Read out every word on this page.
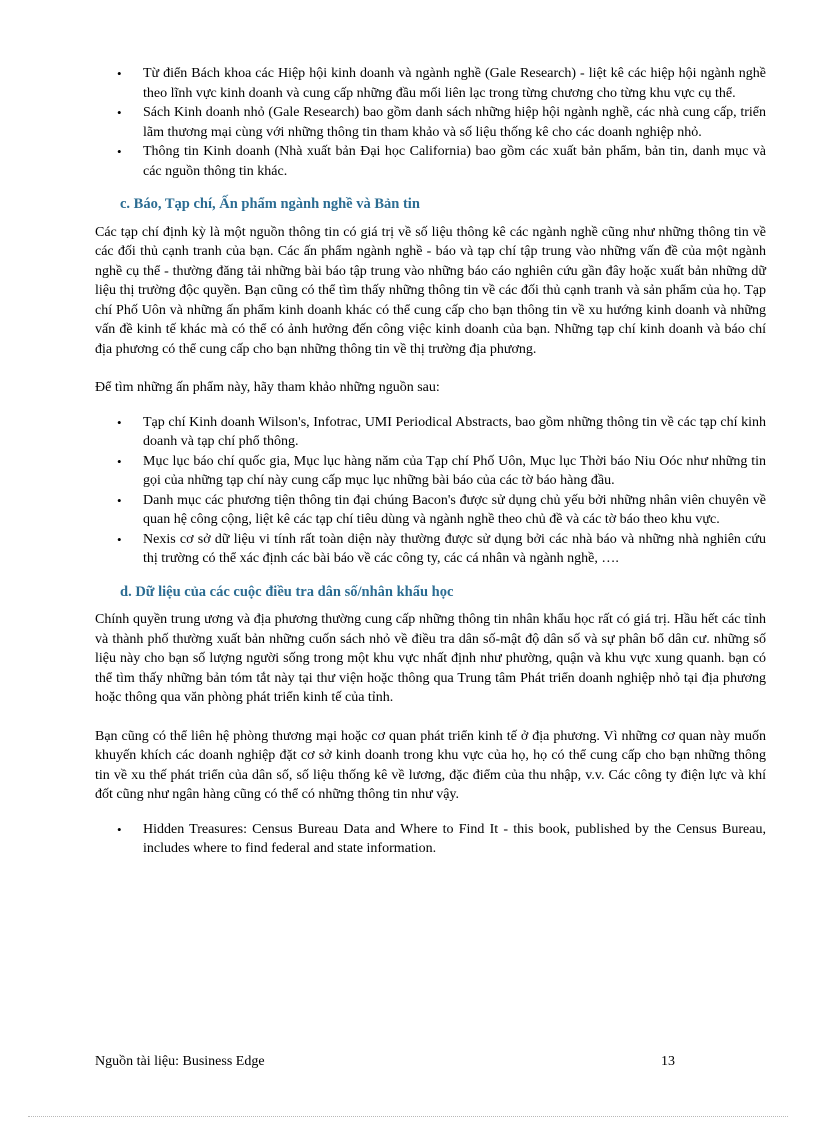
• Từ điển Bách khoa các Hiệp hội kinh doanh và ngành nghề (Gale Research) - liệt kê các hiệp hội ngành nghề theo lĩnh vực kinh doanh và cung cấp những đầu mối liên lạc trong từng chương cho từng khu vực cụ thể.
• Sách Kinh doanh nhỏ (Gale Research) bao gồm danh sách những hiệp hội ngành nghề, các nhà cung cấp, triển lãm thương mại cùng với những thông tin tham khảo và số liệu thống kê cho các doanh nghiệp nhỏ.
• Thông tin Kinh doanh (Nhà xuất bản Đại học California) bao gồm các xuất bản phẩm, bản tin, danh mục và các nguồn thông tin khác.
c. Báo, Tạp chí, Ấn phẩm ngành nghề và Bản tin

Các tạp chí định kỳ là một nguồn thông tin có giá trị về số liệu thông kê các ngành nghề cũng như những thông tin về các đối thủ cạnh tranh của bạn. Các ấn phẩm ngành nghề - báo và tạp chí tập trung vào những vấn đề của một ngành nghề cụ thể - thường đăng tải những bài báo tập trung vào những báo cáo nghiên cứu gần đây hoặc xuất bản những dữ liệu thị trường độc quyền. Bạn cũng có thể tìm thấy những thông tin về các đối thủ cạnh tranh và sản phẩm của họ. Tạp chí Phố Uôn và những ấn phẩm kinh doanh khác có thể cung cấp cho bạn thông tin về xu hướng kinh doanh và những vấn đề kinh tế khác mà có thể có ảnh hưởng đến công việc kinh doanh của bạn. Những tạp chí kinh doanh và báo chí địa phương có thể cung cấp cho bạn những thông tin về thị trường địa phương.

Để tìm những ấn phẩm này, hãy tham khảo những nguồn sau:

• Tạp chí Kinh doanh Wilson's, Infotrac, UMI Periodical Abstracts, bao gồm những thông tin về các tạp chí kinh doanh và tạp chí phổ thông.
• Mục lục báo chí quốc gia, Mục lục hàng năm của Tạp chí Phố Uôn, Mục lục Thời báo Niu Oóc như những tin gọi của những tạp chí này cung cấp mục lục những bài báo của các tờ báo hàng đầu.
• Danh mục các phương tiện thông tin đại chúng Bacon's được sử dụng chủ yếu bởi những nhân viên chuyên về quan hệ công cộng, liệt kê các tạp chí tiêu dùng và ngành nghề theo chủ đề và các tờ báo theo khu vực.
• Nexis cơ sở dữ liệu vi tính rất toàn diện này thường được sử dụng bởi các nhà báo và những nhà nghiên cứu thị trường có thể xác định các bài báo về các công ty, các cá nhân và ngành nghề, ….
d. Dữ liệu của các cuộc điều tra dân số/nhân khẩu học

Chính quyền trung ương và địa phương thường cung cấp những thông tin nhân khẩu học rất có giá trị. Hầu hết các tỉnh và thành phố thường xuất bản những cuốn sách nhỏ về điều tra dân số-mật độ dân số và sự phân bổ dân cư. những số liệu này cho bạn số lượng người sống trong một khu vực nhất định như phường, quận và khu vực xung quanh. bạn có thể tìm thấy những bản tóm tắt này tại thư viện hoặc thông qua Trung tâm Phát triển doanh nghiệp nhỏ tại địa phương hoặc thông qua văn phòng phát triển kinh tế của tỉnh.

Bạn cũng có thể liên hệ phòng thương mại hoặc cơ quan phát triển kinh tế ở địa phương. Vì những cơ quan này muốn khuyến khích các doanh nghiệp đặt cơ sở kinh doanh trong khu vực của họ, họ có thể cung cấp cho bạn những thông tin về xu thế phát triển của dân số, số liệu thống kê về lương, đặc điểm của thu nhập, v.v. Các công ty điện lực và khí đốt cũng như ngân hàng cũng có thể có những thông tin như vậy.

• Hidden Treasures: Census Bureau Data and Where to Find It - this book, published by the Census Bureau, includes where to find federal and state information.
Nguồn tài liệu: Business Edge	13
